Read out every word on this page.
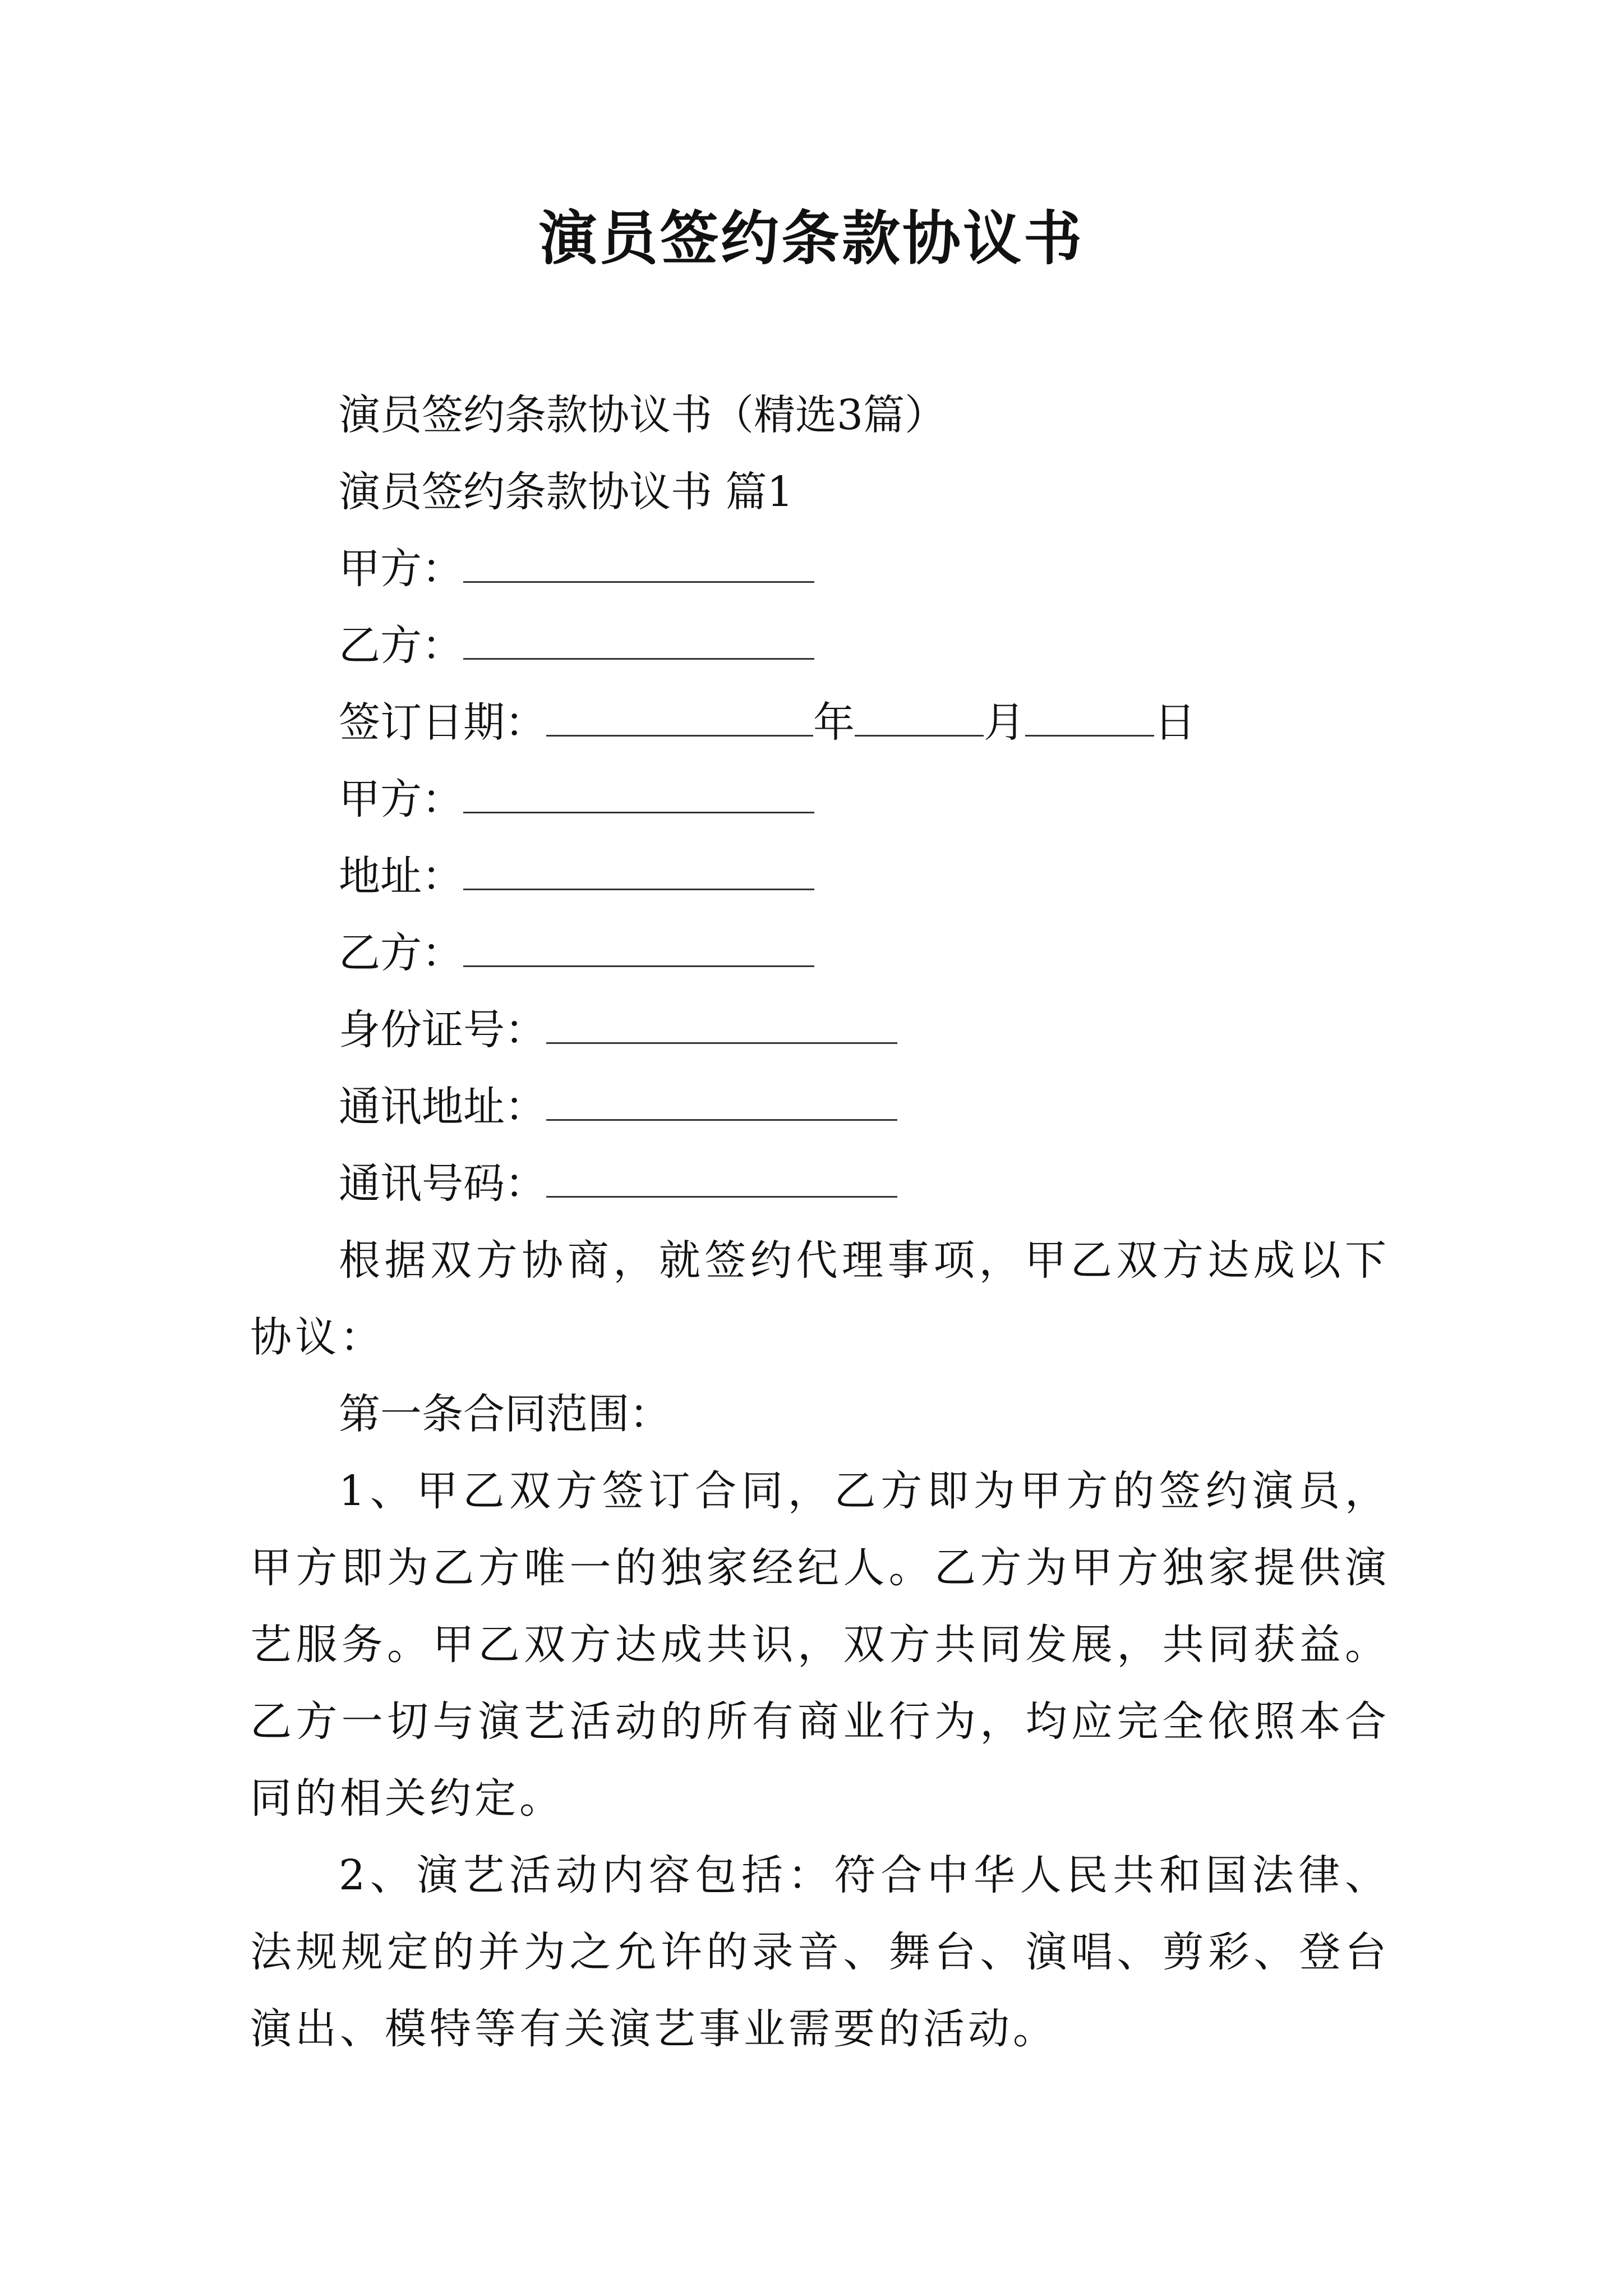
演员签约条款协议书

演员签约条款协议书（精选3篇）

演员签约条款协议书 篇1

甲方：

乙方：

签订日期：	年	月	日

甲方：

地址：

乙方：

身份证号：

通讯地址：

通讯号码：

根据双方协商，就签约代理事项，甲乙双方达成以下协议：

第一条合同范围：

1、甲乙双方签订合同，乙方即为甲方的签约演员，甲方即为乙方唯一的独家经纪人。乙方为甲方独家提供演艺服务。甲乙双方达成共识，双方共同发展，共同获益。乙方一切与演艺活动的所有商业行为，均应完全依照本合同的相关约定。

2、演艺活动内容包括：符合中华人民共和国法律、法规规定的并为之允许的录音、舞台、演唱、剪彩、登台演出、模特等有关演艺事业需要的活动。
